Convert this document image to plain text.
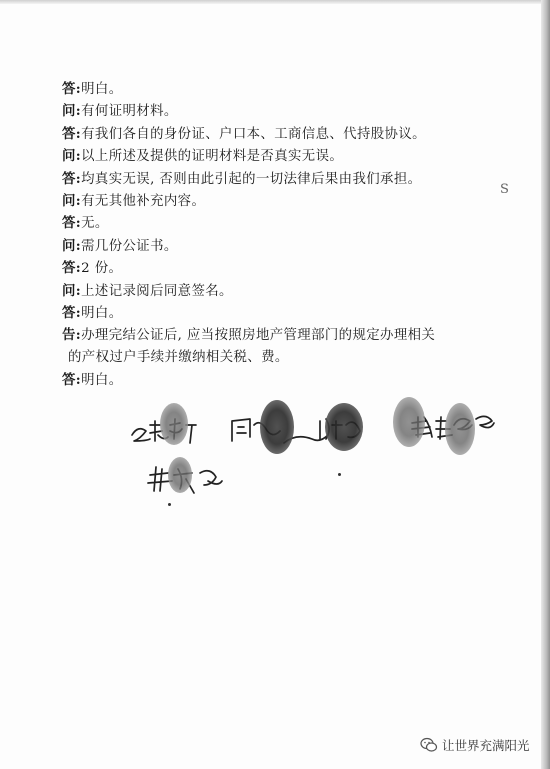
答:明白。
问:有何证明材料。
答:有我们各自的身份证、户口本、工商信息、代持股协议。
问:以上所述及提供的证明材料是否真实无误。
答:均真实无误, 否则由此引起的一切法律后果由我们承担。
问:有无其他补充内容。
答:无。
问:需几份公证书。
答:2 份。
问:上述记录阅后同意签名。
答:明白。
告:办理完结公证后, 应当按照房地产管理部门的规定办理相关
的产权过户手续并缴纳相关税、费。
答:明白。
S
让世界充满阳光
